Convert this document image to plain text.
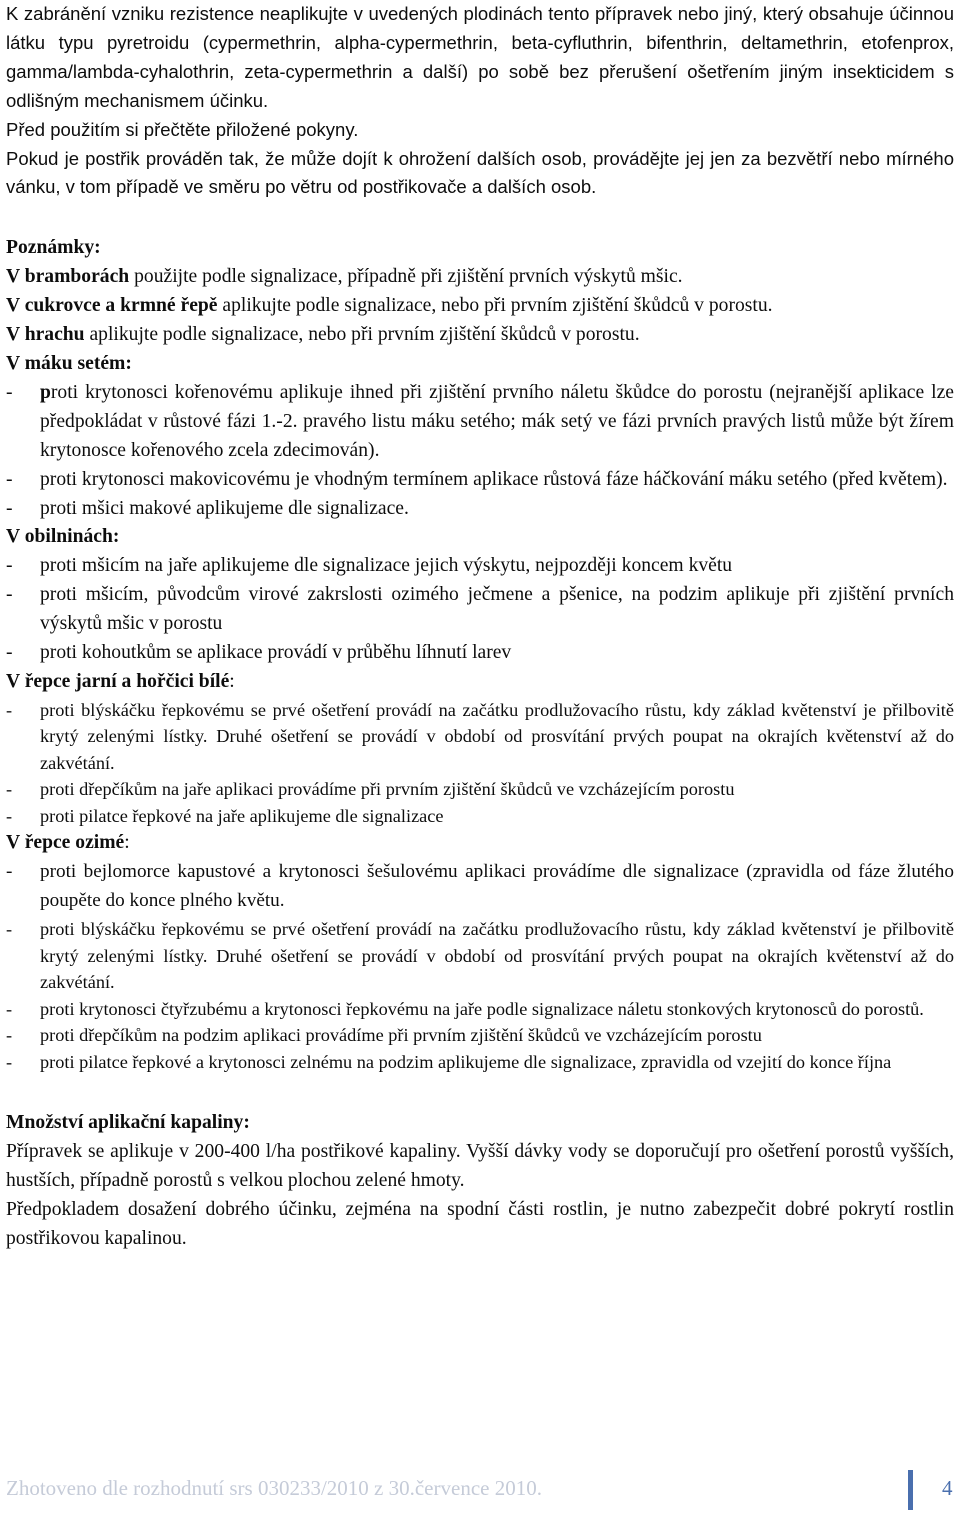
K zabránění vzniku rezistence neaplikujte v uvedených plodinách tento přípravek nebo jiný, který obsahuje účinnou látku typu pyretroidu (cypermethrin, alpha-cypermethrin, beta-cyfluthrin, bifenthrin, deltamethrin, etofenprox, gamma/lambda-cyhalothrin, zeta-cypermethrin a další) po sobě bez přerušení ošetřením jiným insekticidem s odlišným mechanismem účinku.

Před použitím si přečtěte přiložené pokyny.

Pokud je postřik prováděn tak, že může dojít k ohrožení dalších osob, provádějte jej jen za bezvětří nebo mírného vánku, v tom případě ve směru po větru od postřikovače a dalších osob.

Poznámky:

V bramborách použijte podle signalizace, případně při zjištění prvních výskytů mšic.

V cukrovce a krmné řepě aplikujte podle signalizace, nebo při prvním zjištění škůdců v porostu.

V hrachu aplikujte podle signalizace, nebo při prvním zjištění škůdců v porostu.

V máku setém:

-	proti krytonosci kořenovému aplikuje ihned při zjištění prvního náletu škůdce do porostu (nejranější aplikace lze předpokládat v růstové fázi 1.-2. pravého listu máku setého; mák setý ve fázi prvních pravých listů může být žírem krytonosce kořenového zcela zdecimován).
-	proti krytonosci makovicovému je vhodným termínem aplikace růstová fáze háčkování máku setého (před květem).
-	proti mšici makové aplikujeme dle signalizace.

V obilninách:

-	proti mšicím na jaře aplikujeme dle signalizace jejich výskytu, nejpozději koncem květu
-	proti mšicím, původcům virové zakrslosti ozimého ječmene a pšenice, na podzim aplikuje při zjištění prvních výskytů mšic v porostu
-	proti kohoutkům se aplikace provádí v průběhu líhnutí larev

V řepce jarní a hořčici bílé:

-	proti blýskáčku řepkovému se prvé ošetření provádí na začátku prodlužovacího růstu, kdy základ květenství je přilbovitě krytý zelenými lístky. Druhé ošetření se provádí v období od prosvítání prvých poupat na okrajích květenství až do zakvétání.
-	proti dřepčíkům na jaře aplikaci provádíme při prvním zjištění škůdců ve vzcházejícím porostu
-	proti pilatce řepkové na jaře aplikujeme dle signalizace

V řepce ozimé:

-	proti bejlomorce kapustové a krytonosci šešulovému aplikaci provádíme dle signalizace (zpravidla od fáze žlutého poupěte do konce plného květu.
-	proti blýskáčku řepkovému se prvé ošetření provádí na začátku prodlužovacího růstu, kdy základ květenství je přilbovitě krytý zelenými lístky. Druhé ošetření se provádí v období od prosvítání prvých poupat na okrajích květenství až do zakvétání.
-	proti krytonosci čtyřzubému a krytonosci řepkovému na jaře podle signalizace náletu stonkových krytonosců do porostů.
-	proti dřepčíkům na podzim aplikaci provádíme při prvním zjištění škůdců ve vzcházejícím porostu
-	proti pilatce řepkové a krytonosci zelnému na podzim aplikujeme dle signalizace, zpravidla od vzejití do konce října

Množství aplikační kapaliny:

Přípravek se aplikuje v 200-400 l/ha postřikové kapaliny. Vyšší dávky vody se doporučují pro ošetření porostů vyšších, hustších, případně porostů s velkou plochou zelené hmoty.

Předpokladem dosažení dobrého účinku, zejména na spodní části rostlin, je nutno zabezpečit dobré pokrytí rostlin postřikovou kapalinou.

Zhotoveno dle rozhodnutí srs 030233/2010 z 30.července 2010.	4
